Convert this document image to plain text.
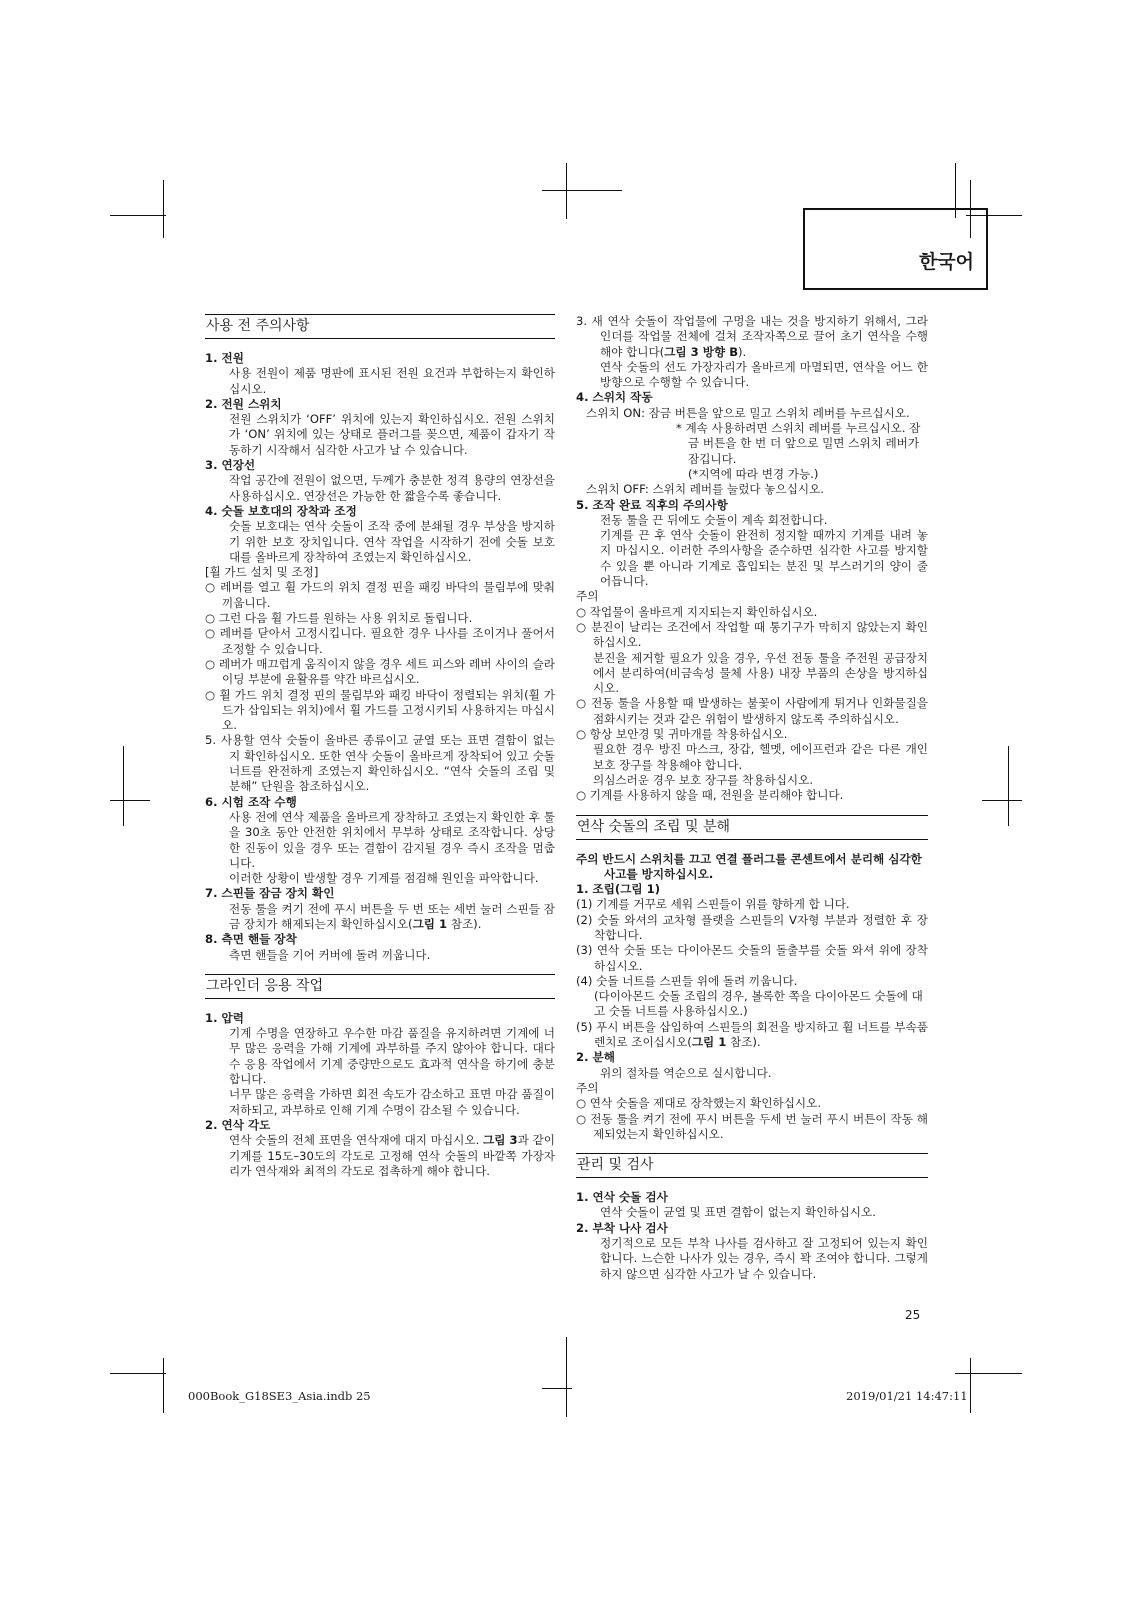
한국어
사용 전 주의사항
1. 전원
사용 전원이 제품 명판에 표시된 전원 요건과 부합하는지 확인하십시오.
2. 전원 스위치
전원 스위치가 ‘OFF’ 위치에 있는지 확인하십시오. 전원 스위치가 ‘ON’ 위치에 있는 상태로 플러그를 꽂으면, 제품이 갑자기 작동하기 시작해서 심각한 사고가 날 수 있습니다.
3. 연장선
작업 공간에 전원이 없으면, 두께가 충분한 정격 용량의 연장선을 사용하십시오. 연장선은 가능한 한 짧을수록 좋습니다.
4. 숫돌 보호대의 장착과 조정
숫돌 보호대는 연삭 숫돌이 조작 중에 분쇄될 경우 부상을 방지하기 위한 보호 장치입니다. 연삭 작업을 시작하기 전에 숫돌 보호대를 올바르게 장착하여 조였는지 확인하십시오.
[휠 가드 설치 및 조정]
○ 레버를 열고 휠 가드의 위치 결정 핀을 패킹 바닥의 물림부에 맞춰 끼웁니다.
○ 그런 다음 휠 가드를 원하는 사용 위치로 돌립니다.
○ 레버를 닫아서 고정시킵니다. 필요한 경우 나사를 조이거나 풀어서 조정할 수 있습니다.
○ 레버가 매끄럽게 움직이지 않을 경우 세트 피스와 레버 사이의 슬라이딩 부분에 윤활유를 약간 바르십시오.
○ 휠 가드 위치 결정 핀의 물림부와 패킹 바닥이 정렬되는 위치(휠 가드가 삽입되는 위치)에서 휠 가드를 고정시키되 사용하지는 마십시오.
5. 사용할 연삭 숫돌이 올바른 종류이고 균열 또는 표면 결함이 없는지 확인하십시오. 또한 연삭 숫돌이 올바르게 장착되어 있고 숫돌 너트를 완전하게 조였는지 확인하십시오. “연삭 숫돌의 조립 및 분해” 단원을 참조하십시오.
6. 시험 조작 수행
사용 전에 연삭 제품을 올바르게 장착하고 조였는지 확인한 후 툴을 30초 동안 안전한 위치에서 무부하 상태로 조작합니다. 상당한 진동이 있을 경우 또는 결함이 감지될 경우 즉시 조작을 멈춥니다.
이러한 상황이 발생할 경우 기계를 점검해 원인을 파악합니다.
7. 스핀들 잠금 장치 확인
전동 툴을 켜기 전에 푸시 버튼을 두 번 또는 세번 눌러 스핀들 잠금 장치가 해제되는지 확인하십시오(그림 1 참조).
8. 측면 핸들 장착
측면 핸들을 기어 커버에 돌려 끼웁니다.
그라인더 응용 작업
1. 압력
기계 수명을 연장하고 우수한 마감 품질을 유지하려면 기계에 너무 많은 응력을 가해 기계에 과부하를 주지 않아야 합니다. 대다수 응용 작업에서 기계 중량만으로도 효과적 연삭을 하기에 충분합니다.
너무 많은 응력을 가하면 회전 속도가 감소하고 표면 마감 품질이 저하되고, 과부하로 인해 기계 수명이 감소될 수 있습니다.
2. 연삭 각도
연삭 숫돌의 전체 표면을 연삭재에 대지 마십시오. 그림 3과 같이 기계를 15도–30도의 각도로 고정해 연삭 숫돌의 바깥쪽 가장자리가 연삭재와 최적의 각도로 접촉하게 해야 합니다.
3. 새 연삭 숫돌이 작업물에 구멍을 내는 것을 방지하기 위해서, 그라인더를 작업물 전체에 걸쳐 조작자쪽으로 끌어 초기 연삭을 수행해야 합니다(그림 3 방향 B).
연삭 숫돌의 선도 가장자리가 올바르게 마멸되면, 연삭을 어느 한 방향으로 수행할 수 있습니다.
4. 스위치 작동
스위치 ON: 잠금 버튼을 앞으로 밀고 스위치 레버를 누르십시오.
* 계속 사용하려면 스위치 레버를 누르십시오. 잠금 버튼을 한 번 더 앞으로 밀면 스위치 레버가 잠깁니다.
(*지역에 따라 변경 가능.)
스위치 OFF: 스위치 레버를 눌렀다 놓으십시오.
5. 조작 완료 직후의 주의사항
전동 툴을 끈 뒤에도 숫돌이 계속 회전합니다.
기계를 끈 후 연삭 숫돌이 완전히 정지할 때까지 기계를 내려 놓지 마십시오. 이러한 주의사항을 준수하면 심각한 사고를 방지할 수 있을 뿐 아니라 기계로 흡입되는 분진 및 부스러기의 양이 줄어듭니다.
주의
○ 작업물이 올바르게 지지되는지 확인하십시오.
○ 분진이 날리는 조건에서 작업할 때 통기구가 막히지 않았는지 확인하십시오.
분진을 제거할 필요가 있을 경우, 우선 전동 툴을 주전원 공급장치에서 분리하여(비금속성 물체 사용) 내장 부품의 손상을 방지하십시오.
○ 전동 툴을 사용할 때 발생하는 불꽃이 사람에게 튀거나 인화물질을 점화시키는 것과 같은 위험이 발생하지 않도록 주의하십시오.
○ 항상 보안경 및 귀마개를 착용하십시오.
필요한 경우 방진 마스크, 장갑, 헬멧, 에이프런과 같은 다른 개인 보호 장구를 착용해야 합니다.
의심스러운 경우 보호 장구를 착용하십시오.
○ 기계를 사용하지 않을 때, 전원을 분리해야 합니다.
연삭 숫돌의 조립 및 분해
주의 반드시 스위치를 끄고 연결 플러그를 콘센트에서 분리해 심각한 사고를 방지하십시오.
1. 조립(그림 1)
(1) 기계를 거꾸로 세워 스핀들이 위를 향하게 합 니다.
(2) 숫돌 와셔의 교차형 플랫을 스핀들의 V자형 부분과 정렬한 후 장착합니다.
(3) 연삭 숫돌 또는 다이아몬드 숫돌의 돌출부를 숫돌 와셔 위에 장착하십시오.
(4) 숫돌 너트를 스핀들 위에 돌려 끼웁니다.
(다이아몬드 숫돌 조립의 경우, 볼록한 쪽을 다이아몬드 숫돌에 대고 숫돌 너트를 사용하십시오.)
(5) 푸시 버튼을 삽입하여 스핀들의 회전을 방지하고 휠 너트를 부속품 렌치로 조이십시오(그림 1 참조).
2. 분해
위의 절차를 역순으로 실시합니다.
주의
○ 연삭 숫돌을 제대로 장착했는지 확인하십시오.
○ 전동 툴을 켜기 전에 푸시 버튼을 두세 번 눌러 푸시 버튼이 작동 해제되었는지 확인하십시오.
관리 및 검사
1. 연삭 숫돌 검사
연삭 숫돌이 균열 및 표면 결함이 없는지 확인하십시오.
2. 부착 나사 검사
정기적으로 모든 부착 나사를 검사하고 잘 고정되어 있는지 확인합니다. 느슨한 나사가 있는 경우, 즉시 꽉 조여야 합니다. 그렇게 하지 않으면 심각한 사고가 날 수 있습니다.
25
000Book_G18SE3_Asia.indb 25	2019/01/21 14:47:11
